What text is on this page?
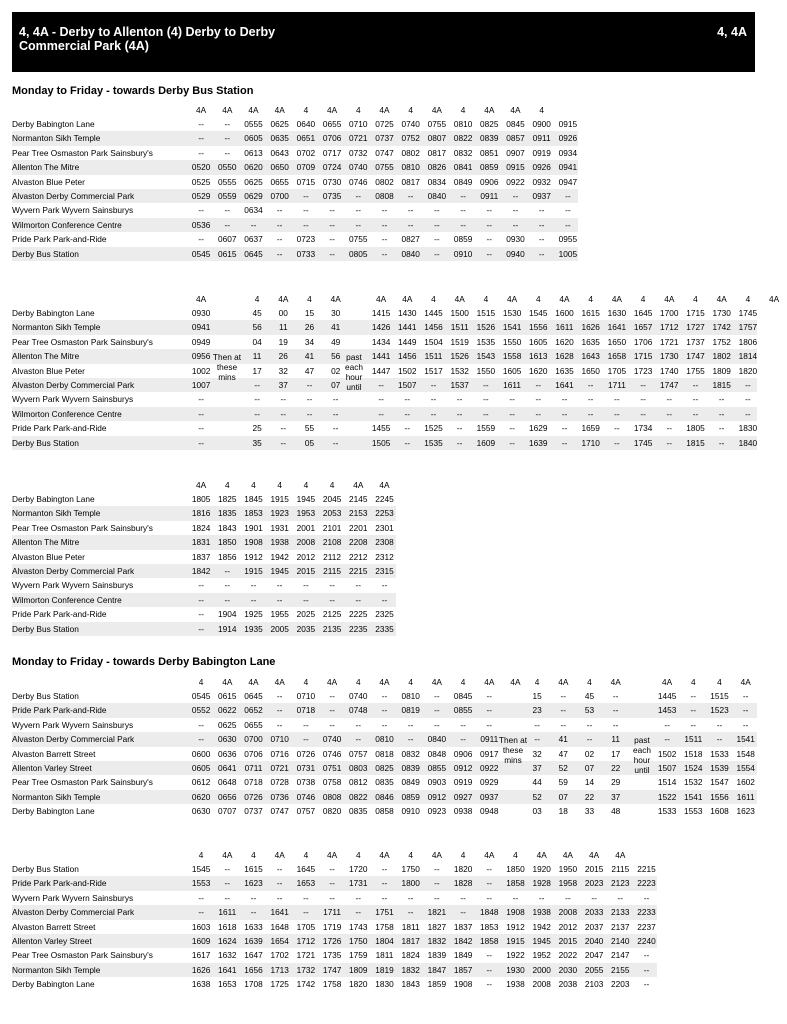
4, 4A - Derby to Allenton (4) Derby to Derby Commercial Park (4A)
4, 4A
Monday to Friday - towards Derby Bus Station
4A	4A	4A	4A	4	4A	4	4A	4	4A	4	4A	4A	4
Derby Babington Lane	--	--	0555 0625 0640 0655 0710 0725 0740 0755 0810 0825 0845 0900 0915
Normanton Sikh Temple	--	--	0605 0635 0651 0706 0721 0737 0752 0807 0822 0839 0857 0911 0926
Pear Tree Osmaston Park Sainsbury's	--	--	0613 0643 0702 0717 0732 0747 0802 0817 0832 0851 0907 0919 0934
Allenton The Mitre	0520 0550 0620 0650 0709 0724 0740 0755 0810 0826 0841 0859 0915 0926 0941
Alvaston Blue Peter	0525 0555 0625 0655 0715 0730 0746 0802 0817 0834 0849 0906 0922 0932 0947
Alvaston Derby Commercial Park	0529 0559 0629 0700	--	0735	--	0808	--	0840	--	0911	--	0937	--
Wyvern Park Wyvern Sainsburys	--	--	0634	--	--	--	--	--	--	--	--	--	--	--	--
Wilmorton Conference Centre	0536	--	--	--	--	--	--	--	--	--	--	--	--	--	--
Pride Park Park-and-Ride	--	0607 0637	--	0723	--	0755	--	0827	--	0859	--	0930	--	0955
Derby Bus Station	0545 0615 0645	--	0733	--	0805	--	0840	--	0910	--	0940	--	1005
4A	4	4A	4	4A	4A	4A	4	4A	4	4A	4	4A	4	4A	4	4A	4	4A	4	4A
Derby Babington Lane	0930	45	00	15	30	1415 1430 1445 1500 1515 1530 1545 1600 1615 1630 1645 1700 1715 1730 1745
Normanton Sikh Temple	0941	56	11	26	41	1426 1441 1456 1511 1526 1541 1556 1611 1626 1641 1657 1712 1727 1742 1757
Pear Tree Osmaston Park Sainsbury's	0949	04	19	34	49	1434 1449 1504 1519 1535 1550 1605 1620 1635 1650 1706 1721 1737 1752 1806
Allenton The Mitre	0956	11	26	41	56	1441 1456 1511 1526 1543 1558 1613 1628 1643 1658 1715 1730 1747 1802 1814
Alvaston Blue Peter	1002	17	32	47	02	1447 1502 1517 1532 1550 1605 1620 1635 1650 1705 1723 1740 1755 1809 1820
Alvaston Derby Commercial Park	1007	--	37	--	07	--	1507	--	1537	--	1611	--	1641	--	1711	--	1747	--	1815	--
Wyvern Park Wyvern Sainsburys	--	--	--	--	--	--	--	--	--	--	--	--	--	--	--	--	--	--	--	--
Wilmorton Conference Centre	--	--	--	--	--	--	--	--	--	--	--	--	--	--	--	--	--	--	--	--
Pride Park Park-and-Ride	--	25	--	55	--	1455	--	1525	--	1559	--	1629	--	1659	--	1734	--	1805	--	1830
Derby Bus Station	--	35	--	05	--	1505	--	1535	--	1609	--	1639	--	1710	--	1745	--	1815	--	1840
Then at these mins
past each hour until
4A	4	4	4	4	4	4A	4A
Derby Babington Lane	1805 1825 1845 1915 1945 2045 2145 2245
Normanton Sikh Temple	1816 1835 1853 1923 1953 2053 2153 2253
Pear Tree Osmaston Park Sainsbury's	1824 1843 1901 1931 2001 2101 2201 2301
Allenton The Mitre	1831 1850 1908 1938 2008 2108 2208 2308
Alvaston Blue Peter	1837 1856 1912 1942 2012 2112 2212 2312
Alvaston Derby Commercial Park	1842	--	1915 1945 2015 2115 2215 2315
Wyvern Park Wyvern Sainsburys	--	--	--	--	--	--	--	--
Wilmorton Conference Centre	--	--	--	--	--	--	--	--
Pride Park Park-and-Ride	--	1904 1925 1955 2025 2125 2225 2325
Derby Bus Station	--	1914 1935 2005 2035 2135 2235 2335
Monday to Friday - towards Derby Babington Lane
4	4A	4A	4A	4	4A	4	4A	4	4A	4	4A	4A	4	4A	4	4A	4A	4	4	4A
Derby Bus Station	0545 0615 0645	--	0710	--	0740	--	0810	--	0845	--	15	--	45	--	1445	--	1515	--
Pride Park Park-and-Ride	0552 0622 0652	--	0718	--	0748	--	0819	--	0855	--	23	--	53	--	1453	--	1523	--
Wyvern Park Wyvern Sainsburys	--	0625 0655	--	--	--	--	--	--	--	--	--	--	--	--	--	--	--	--	--
Alvaston Derby Commercial Park	--	0630 0700 0710	--	0740	--	0810	--	0840	--	0911	--	41	--	11	--	1511	--	1541
Alvaston Barrett Street	0600 0636 0706 0716 0726 0746 0757 0818 0832 0848 0906 0917	32	47	02	17	1502 1518 1533 1548
Allenton Varley Street	0605 0641 0711 0721 0731 0751 0803 0825 0839 0855 0912 0922	37	52	07	22	1507 1524 1539 1554
Pear Tree Osmaston Park Sainsbury's	0612 0648 0718 0728 0738 0758 0812 0835 0849 0903 0919 0929	44	59	14	29	1514 1532 1547 1602
Normanton Sikh Temple	0620 0656 0726 0736 0746 0808 0822 0846 0859 0912 0927 0937	52	07	22	37	1522 1541 1556 1611
Derby Babington Lane	0630 0707 0737 0747 0757 0820 0835 0858 0910 0923 0938 0948	03	18	33	48	1533 1553 1608 1623
Then at these mins
past each hour until
4	4A	4	4A	4	4A	4	4A	4	4A	4	4A	4	4A	4A	4A	4A
Derby Bus Station	1545	--	1615	--	1645	--	1720	--	1750	--	1820	--	1850 1920 1950 2015 2115 2215
Pride Park Park-and-Ride	1553	--	1623	--	1653	--	1731	--	1800	--	1828	--	1858 1928 1958 2023 2123 2223
Wyvern Park Wyvern Sainsburys	--	--	--	--	--	--	--	--	--	--	--	--	--	--	--	--	--	--
Alvaston Derby Commercial Park	--	1611	--	1641	--	1711	--	1751	--	1821	--	1848 1908 1938 2008 2033 2133 2233
Alvaston Barrett Street	1603 1618 1633 1648 1705 1719 1743 1758 1811 1827 1837 1853 1912 1942 2012 2037 2137 2237
Allenton Varley Street	1609 1624 1639 1654 1712 1726 1750 1804 1817 1832 1842 1858 1915 1945 2015 2040 2140 2240
Pear Tree Osmaston Park Sainsbury's	1617 1632 1647 1702 1721 1735 1759 1811 1824 1839 1849	--	1922 1952 2022 2047 2147	--
Normanton Sikh Temple	1626 1641 1656 1713 1732 1747 1809 1819 1832 1847 1857	--	1930 2000 2030 2055 2155	--
Derby Babington Lane	1638 1653 1708 1725 1742 1758 1820 1830 1843 1859 1908	--	1938 2008 2038 2103 2203	--
